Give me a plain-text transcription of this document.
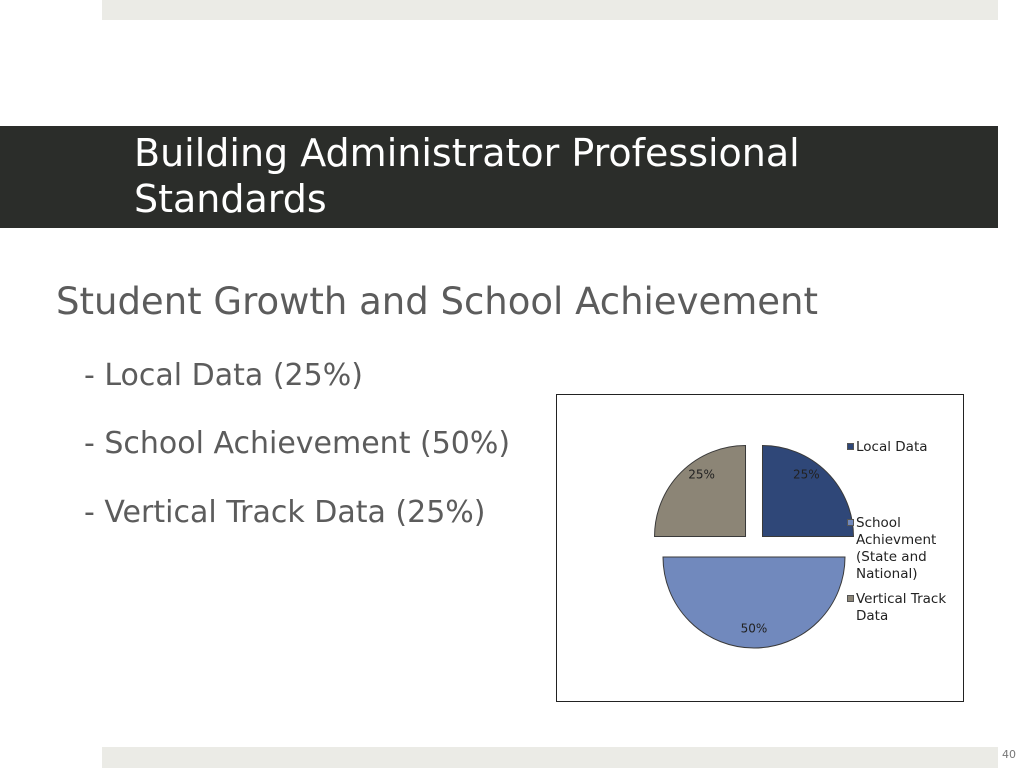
Building Administrator Professional Standards
Student Growth and School Achievement
- Local Data (25%)
- School Achievement (50%)
- Vertical Track Data (25%)
25%
50%
25%
Local Data
School Achievment (State and National)
Vertical Track Data
40
